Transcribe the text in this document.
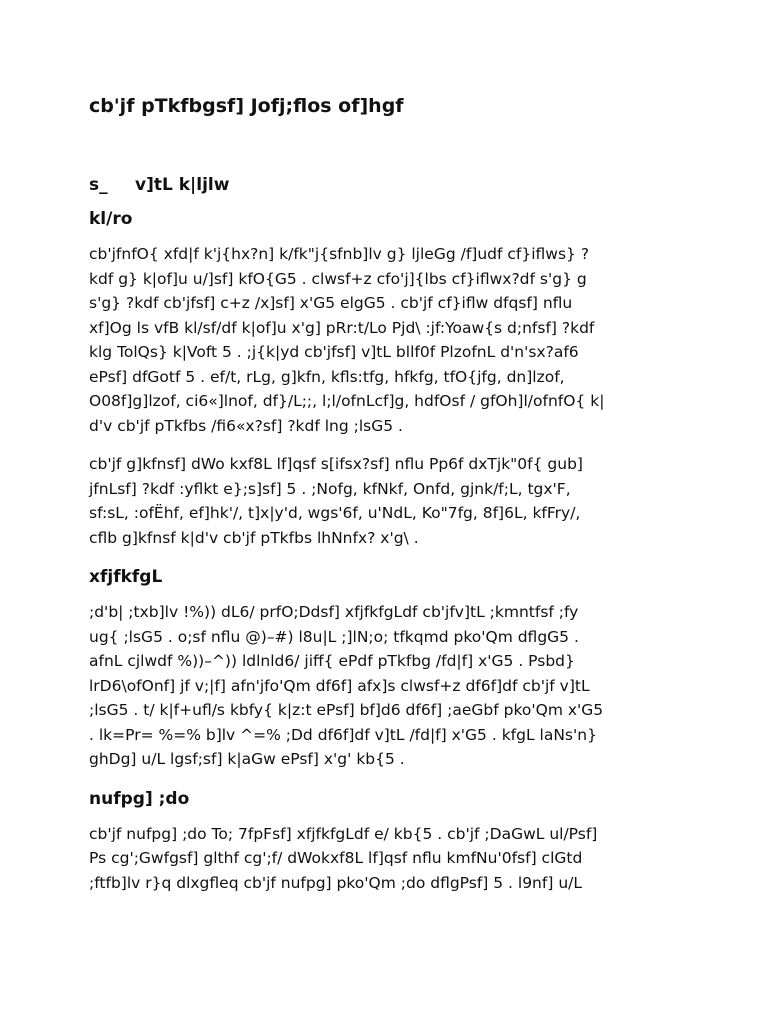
cb'jf pTkfbgsf] Jofj;flos of]hgf
s_ v]tL k|ljlw
kl/ro

cb'jfnfO{ xfd|f k'j{hx?n] k/fk"j{sfnb]lv g} ljleGg /f]udf cf}iflws} ?
kdf g} k|of]u u/]sf] kfO{G5 . clwsf+z cfo'j]{lbs cf}iflwx?df s'g} g
s'g} ?kdf cb'jfsf] c+z /x]sf] x'G5 elgG5 . cb'jf cf}iflw dfqsf] nflu
xf]Og ls vfB kl/sf/df k|of]u x'g] pRr:t/Lo Pjd\ :jf:Yoaw{s d;nfsf] ?kdf
klg TolQs} k|Voft 5 . ;j{k|yd cb'jfsf] v]tL bllf0f PlzofnL d'n'sx?af6
ePsf] dfGotf 5 . ef/t, rLg, g]kfn, kfls:tfg, hfkfg, tfO{jfg, dn]lzof,
O08f]g]lzof, ci6«]lnof, df}/L;;, l;l/ofnLcf]g, hdfOsf / gfOh]l/ofnfO{ k|
d'v cb'jf pTkfbs /fi6«x?sf] ?kdf lng ;lsG5 .

cb'jf g]kfnsf] dWo kxf8L lf]qsf s[ifsx?sf] nflu Pp6f dxTjk"0f{ gub]
jfnLsf] ?kdf :yflkt e};s]sf] 5 . ;Nofg, kfNkf, Onfd, gjnk/f;L, tgx'F,
sf:sL, :ofËhf, ef]hk'/, t]x|y'd, wgs'6f, u'NdL, Ko"7fg, 8f]6L, kfFry/,
cflb g]kfnsf k|d'v cb'jf pTkfbs lhNnfx? x'g\ .

xfjfkfgL

;d'b| ;txb]lv !%)) dL6/ prfO;Ddsf] xfjfkfgLdf cb'jfv]tL ;kmntfsf ;fy
ug{ ;lsG5 . o;sf nflu @)–#) l8u|L ;]lN;o; tfkqmd pko'Qm dflgG5 .
afnL cjlwdf %))–^)) ldlnld6/ jiff{ ePdf pTkfbg /fd|f] x'G5 . Psbd}
lrD6\ofOnf] jf v;|f] afn'jfo'Qm df6f] afx]s clwsf+z df6f]df cb'jf v]tL
;lsG5 . t/ k|f+ufl/s kbfy{ k|z:t ePsf] bf]d6 df6f] ;aeGbf pko'Qm x'G5
. lk=Pr= %=% b]lv ^=% ;Dd df6f]df v]tL /fd|f] x'G5 . kfgL laNs'n}
ghDg] u/L lgsf;sf] k|aGw ePsf] x'g' kb{5 .

nufpg] ;do

cb'jf nufpg] ;do To; 7fpFsf] xfjfkfgLdf e/ kb{5 . cb'jf ;DaGwL ul/Psf]
Ps cg';Gwfgsf] glthf cg';f/ dWokxf8L lf]qsf nflu kmfNu'0fsf] clGtd
;ftfb]lv r}q dlxgfleq cb'jf nufpg] pko'Qm ;do dflgPsf] 5 . l9nf] u/L
